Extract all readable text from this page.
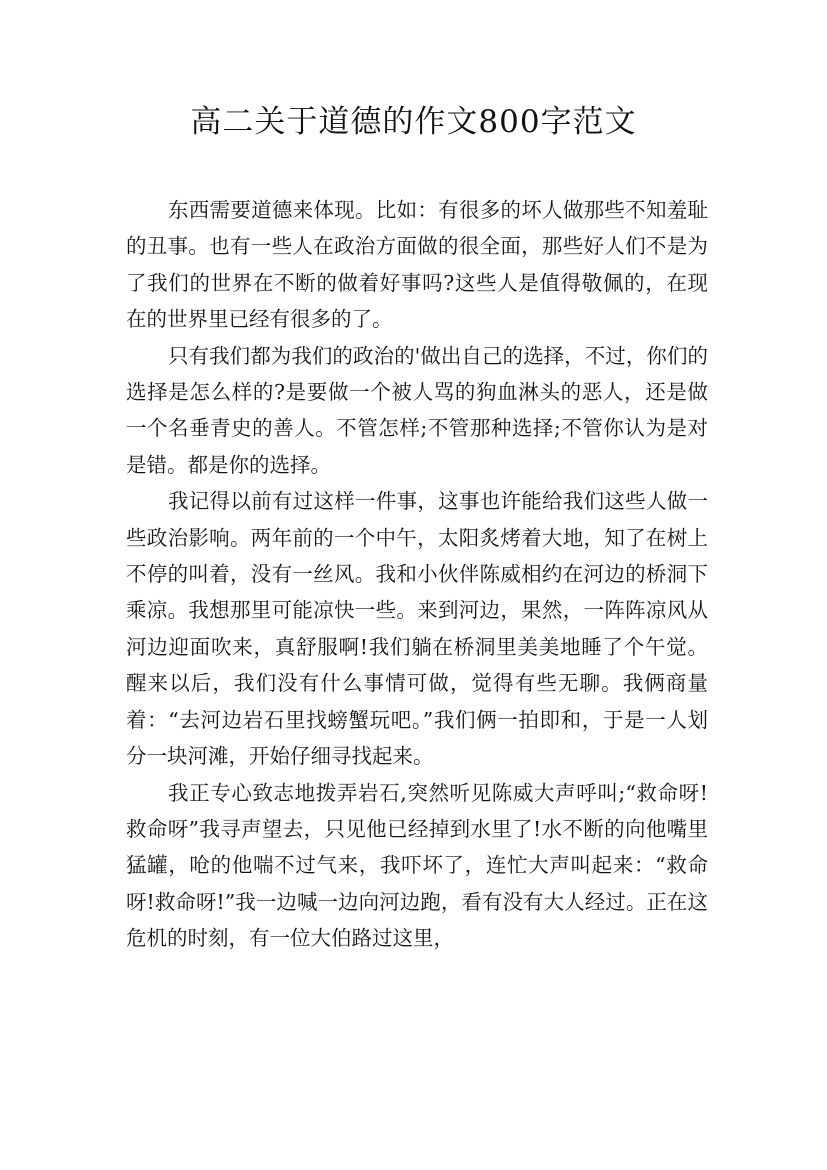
高二关于道德的作文800字范文

东西需要道德来体现。比如：有很多的坏人做那些不知羞耻的丑事。也有一些人在政治方面做的很全面，那些好人们不是为了我们的世界在不断的做着好事吗?这些人是值得敬佩的，在现在的世界里已经有很多的了。

只有我们都为我们的政治的'做出自己的选择，不过，你们的选择是怎么样的?是要做一个被人骂的狗血淋头的恶人，还是做一个名垂青史的善人。不管怎样;不管那种选择;不管你认为是对是错。都是你的选择。

我记得以前有过这样一件事，这事也许能给我们这些人做一些政治影响。两年前的一个中午，太阳炙烤着大地，知了在树上不停的叫着，没有一丝风。我和小伙伴陈威相约在河边的桥洞下乘凉。我想那里可能凉快一些。来到河边，果然，一阵阵凉风从河边迎面吹来，真舒服啊!我们躺在桥洞里美美地睡了个午觉。醒来以后，我们没有什么事情可做，觉得有些无聊。我俩商量着：“去河边岩石里找螃蟹玩吧。”我们俩一拍即和，于是一人划分一块河滩，开始仔细寻找起来。

我正专心致志地拨弄岩石,突然听见陈威大声呼叫;“救命呀!救命呀”我寻声望去，只见他已经掉到水里了!水不断的向他嘴里猛罐，呛的他喘不过气来，我吓坏了，连忙大声叫起来：“救命呀!救命呀!”我一边喊一边向河边跑，看有没有大人经过。正在这危机的时刻，有一位大伯路过这里，
